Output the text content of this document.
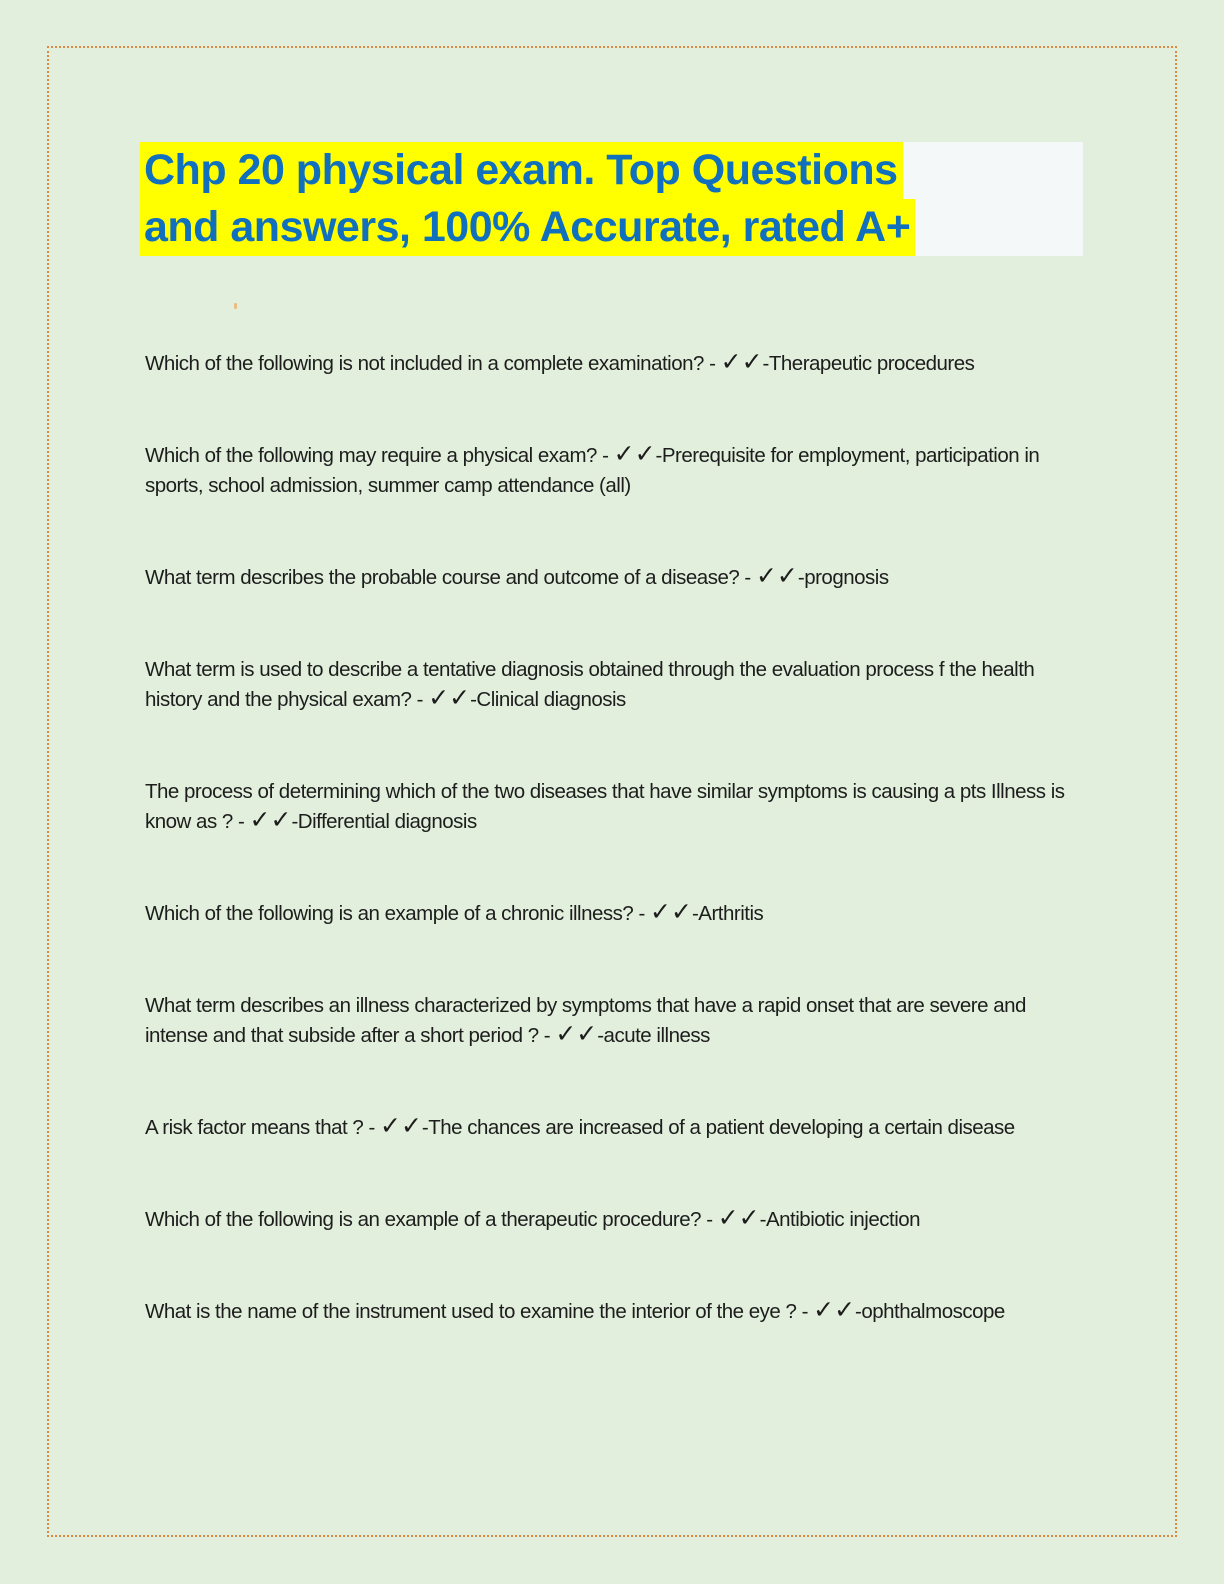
Chp 20 physical exam. Top Questions
and answers, 100% Accurate, rated A+

Which of the following is not included in a complete examination? - ✓✓-Therapeutic procedures

Which of the following may require a physical exam? - ✓✓-Prerequisite for employment, participation in sports, school admission, summer camp attendance (all)

What term describes the probable course and outcome of a disease? - ✓✓-prognosis

What term is used to describe a tentative diagnosis obtained through the evaluation process f the health history and the physical exam? - ✓✓-Clinical diagnosis

The process of determining which of the two diseases that have similar symptoms is causing a pts Illness is know as ? - ✓✓-Differential diagnosis

Which of the following is an example of a chronic illness? - ✓✓-Arthritis

What term describes an illness characterized by symptoms that have a rapid onset that are severe and intense and that subside after a short period ? - ✓✓-acute illness

A risk factor means that ? - ✓✓-The chances are increased of a patient developing a certain disease

Which of the following is an example of a therapeutic procedure? - ✓✓-Antibiotic injection

What is the name of the instrument used to examine the interior of the eye ? - ✓✓-ophthalmoscope
